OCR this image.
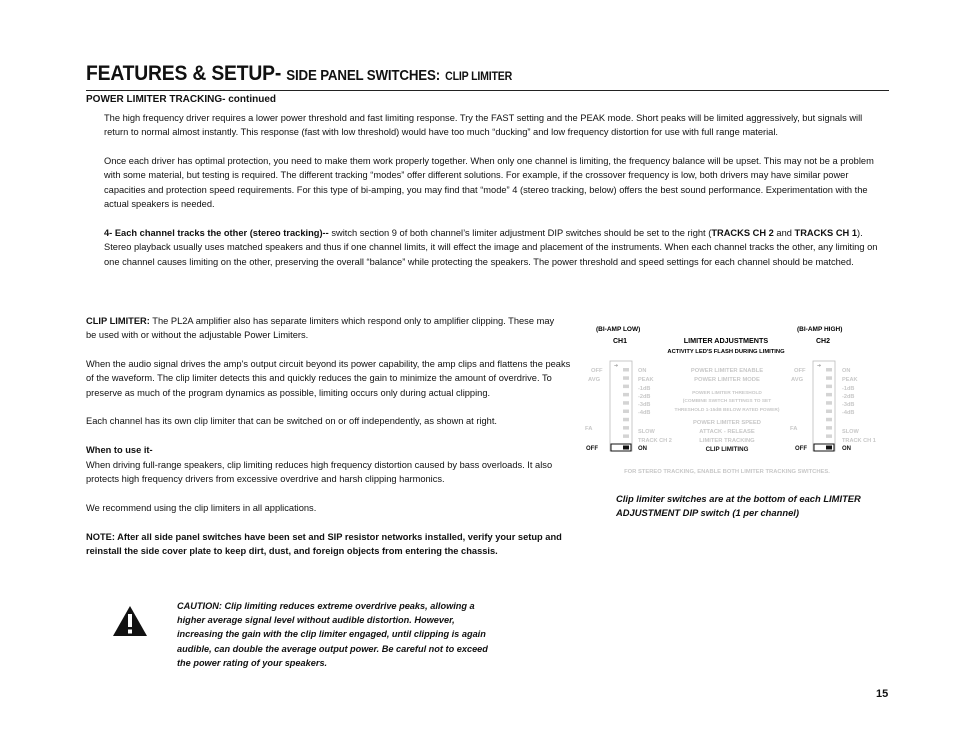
FEATURES & SETUP- SIDE PANEL SWITCHES: CLIP LIMITER
POWER LIMITER TRACKING- continued

The high frequency driver requires a lower power threshold and fast limiting response. Try the FAST setting and the PEAK mode. Short peaks will be limited aggressively, but signals will return to normal almost instantly. This response (fast with low threshold) would have too much “ducking” and low frequency distortion for use with full range material.

Once each driver has optimal protection, you need to make them work properly together. When only one channel is limiting, the frequency balance will be upset. This may not be a problem with some material, but testing is required. The different tracking “modes” offer different solutions. For example, if the crossover frequency is low, both drivers may have similar power capacities and protection speed requirements. For this type of bi-amping, you may find that “mode” 4 (stereo tracking, below) offers the best sound performance. Experimentation with the actual speakers is needed.

4- Each channel tracks the other (stereo tracking)-- switch section 9 of both channel’s limiter adjustment DIP switches should be set to the right (TRACKS CH 2 and TRACKS CH 1). Stereo playback usually uses matched speakers and thus if one channel limits, it will effect the image and placement of the instruments. When each channel tracks the other, any limiting on one channel causes limiting on the other, preserving the overall “balance” while protecting the speakers. The power threshold and speed settings for each channel should be matched.

CLIP LIMITER: The PL2A amplifier also has separate limiters which respond only to amplifier clipping. These may be used with or without the adjustable Power Limiters.

When the audio signal drives the amp's output circuit beyond its power capability, the amp clips and flattens the peaks of the waveform. The clip limiter detects this and quickly reduces the gain to minimize the amount of overdrive. To preserve as much of the program dynamics as possible, limiting occurs only during actual clipping.

Each channel has its own clip limiter that can be switched on or off independently, as shown at right.

When to use it-

When driving full-range speakers, clip limiting reduces high frequency distortion caused by bass overloads. It also protects high frequency drivers from excessive overdrive and harsh clipping harmonics.

We recommend using the clip limiters in all applications.

NOTE: After all side panel switches have been set and SIP resistor networks installed, verify your setup and reinstall the side cover plate to keep dirt, dust, and foreign objects from entering the chassis.

CAUTION: Clip limiting reduces extreme overdrive peaks, allowing a higher average signal level without audible distortion. However, increasing the gain with the clip limiter engaged, until clipping is again audible, can double the average output power. Be careful not to exceed the power rating of your speakers.
(BI-AMP LOW)
CH1
(BI-AMP HIGH)
CH2
LIMITER ADJUSTMENTS
ACTIVITY LED'S FLASH DURING LIMITING
➔
OFF	ON
➔
OFF	ON
OFF
AVG
FA
OFF
AVG
FA
ON
PEAK
-1dB
-2dB
-3dB
-4dB
SLOW
TRACK CH 2
ON
PEAK
-1dB
-2dB
-3dB
-4dB
SLOW
TRACK CH 1
POWER LIMITER ENABLE
POWER LIMITER MODE
POWER LIMITER THRESHOLD
(COMBINE SWITCH SETTINGS TO SET
THRESHOLD 1-15dB BELOW RATED POWER)
POWER LIMITER SPEED
ATTACK - RELEASE
LIMITER TRACKING
FOR STEREO TRACKING, ENABLE BOTH LIMITER TRACKING SWITCHES.
CLIP LIMITING
Clip limiter switches are at the bottom of each LIMITER ADJUSTMENT DIP switch (1 per channel)
15
